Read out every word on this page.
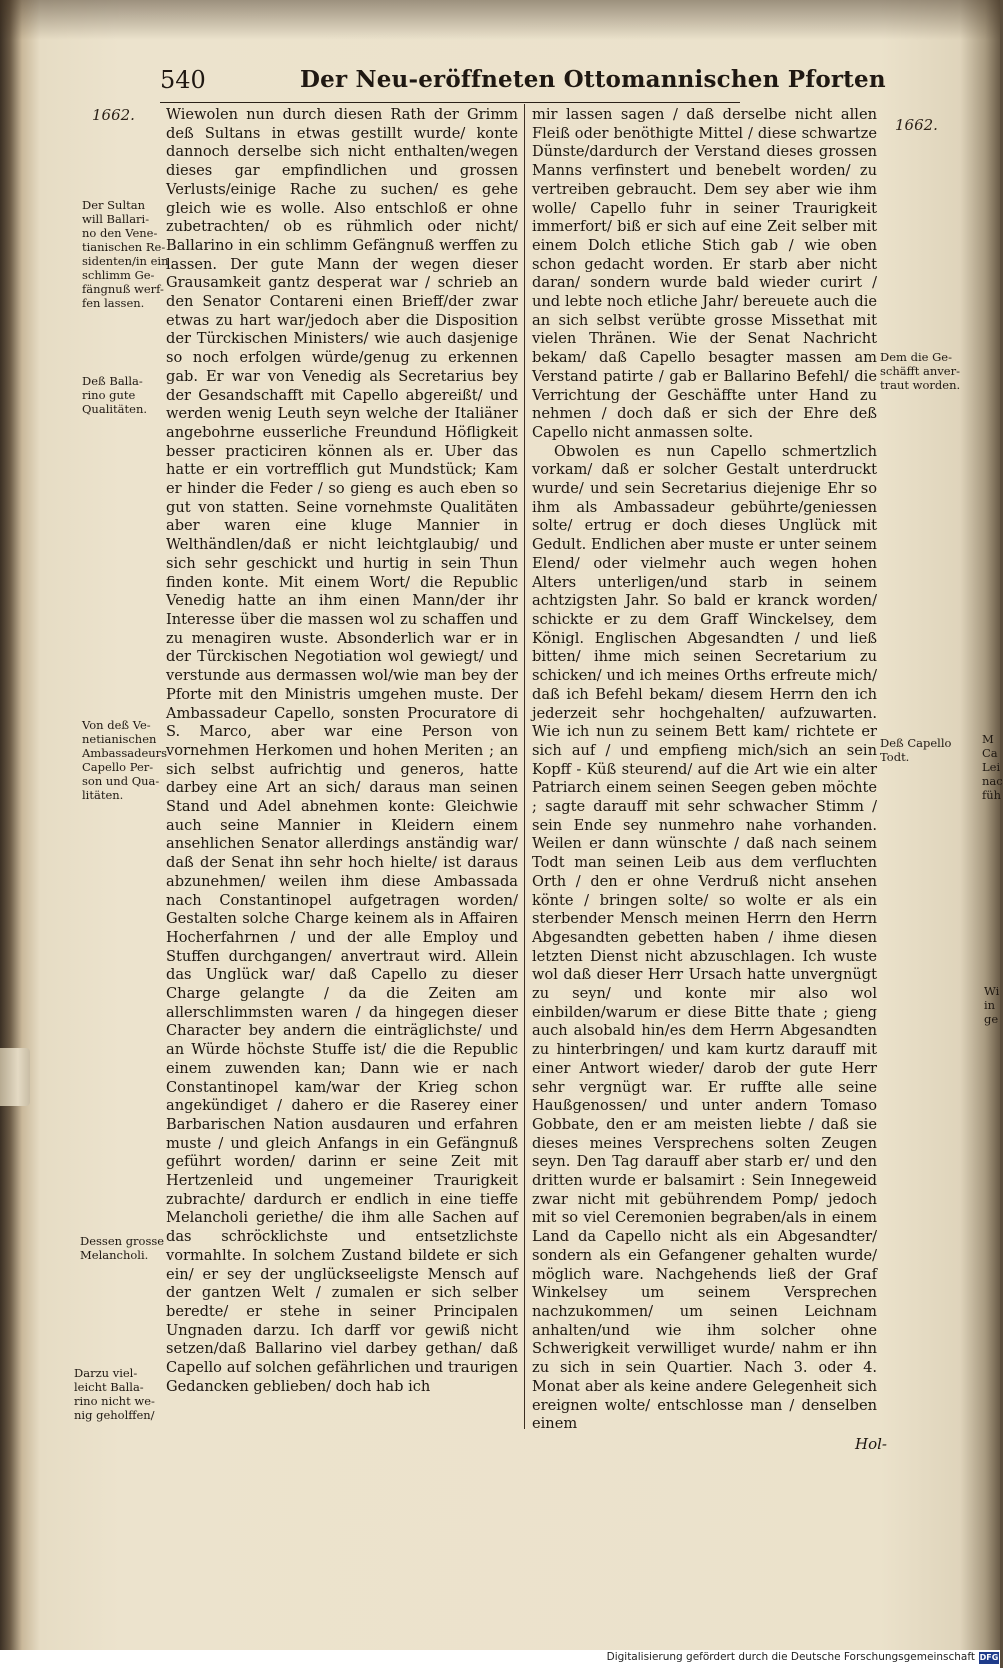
540	Der Neu-eröffneten Ottomannischen Pforten
1662.
1662.

Wiewolen nun durch diesen Rath der Grimm deß Sultans in etwas gestillt wurde/ konte dannoch derselbe sich nicht enthalten/wegen dieses gar empfindlichen und grossen Verlusts/einige Rache zu suchen/ es gehe gleich wie es wolle. Also entschloß er ohne zubetrachten/ ob es rühmlich oder nicht/ Ballarino in ein schlimm Gefängnuß werffen zu lassen. Der gute Mann der wegen dieser Grausamkeit gantz desperat war / schrieb an den Senator Contareni einen Brieff/der zwar etwas zu hart war/jedoch aber die Disposition der Türckischen Ministers/ wie auch dasjenige so noch erfolgen würde/genug zu erkennen gab. Er war von Venedig als Secretarius bey der Gesandschafft mit Capello abgereißt/ und werden wenig Leuth seyn welche der Italiäner angebohrne eusserliche Freundund Höfligkeit besser practiciren können als er. Uber das hatte er ein vortrefflich gut Mundstück; Kam er hinder die Feder / so gieng es auch eben so gut von statten. Seine vornehmste Qualitäten aber waren eine kluge Mannier in Welthändlen/daß er nicht leichtglaubig/ und sich sehr geschickt und hurtig in sein Thun finden konte. Mit einem Wort/ die Republic Venedig hatte an ihm einen Mann/der ihr Interesse über die massen wol zu schaffen und zu menagiren wuste. Absonderlich war er in der Türckischen Negotiation wol gewiegt/ und verstunde aus dermassen wol/wie man bey der Pforte mit den Ministris umgehen muste. Der Ambassadeur Capello, sonsten Procuratore di S. Marco, aber war eine Person von vornehmen Herkomen und hohen Meriten ; an sich selbst aufrichtig und generos, hatte darbey eine Art an sich/ daraus man seinen Stand und Adel abnehmen konte: Gleichwie auch seine Mannier in Kleidern einem ansehlichen Senator allerdings anständig war/ daß der Senat ihn sehr hoch hielte/ ist daraus abzunehmen/ weilen ihm diese Ambassada nach Constantinopel aufgetragen worden/ Gestalten solche Charge keinem als in Affairen Hocherfahrnen / und der alle Employ und Stuffen durchgangen/ anvertraut wird. Allein das Unglück war/ daß Capello zu dieser Charge gelangte / da die Zeiten am allerschlimmsten waren / da hingegen dieser Character bey andern die einträglichste/ und an Würde höchste Stuffe ist/ die die Republic einem zuwenden kan; Dann wie er nach Constantinopel kam/war der Krieg schon angekündiget / dahero er die Raserey einer Barbarischen Nation ausdauren und erfahren muste / und gleich Anfangs in ein Gefängnuß geführt worden/ darinn er seine Zeit mit Hertzenleid und ungemeiner Traurigkeit zubrachte/ dardurch er endlich in eine tieffe Melancholi geriethe/ die ihm alle Sachen auf das schröcklichste und entsetzlichste vormahlte. In solchem Zustand bildete er sich ein/ er sey der unglückseeligste Mensch auf der gantzen Welt / zumalen er sich selber beredte/ er stehe in seiner Principalen Ungnaden darzu. Ich darff vor gewiß nicht setzen/daß Ballarino viel darbey gethan/ daß Capello auf solchen gefährlichen und traurigen Gedancken geblieben/ doch hab ich

mir lassen sagen / daß derselbe nicht allen Fleiß oder benöthigte Mittel / diese schwartze Dünste/dardurch der Verstand dieses grossen Manns verfinstert und benebelt worden/ zu vertreiben gebraucht. Dem sey aber wie ihm wolle/ Capello fuhr in seiner Traurigkeit immerfort/ biß er sich auf eine Zeit selber mit einem Dolch etliche Stich gab / wie oben schon gedacht worden. Er starb aber nicht daran/ sondern wurde bald wieder curirt / und lebte noch etliche Jahr/ bereuete auch die an sich selbst verübte grosse Missethat mit vielen Thränen. Wie der Senat Nachricht bekam/ daß Capello besagter massen am Verstand patirte / gab er Ballarino Befehl/ die Verrichtung der Geschäffte unter Hand zu nehmen / doch daß er sich der Ehre deß Capello nicht anmassen solte.

Obwolen es nun Capello schmertzlich vorkam/ daß er solcher Gestalt unterdruckt wurde/ und sein Secretarius diejenige Ehr so ihm als Ambassadeur gebührte/geniessen solte/ ertrug er doch dieses Unglück mit Gedult. Endlichen aber muste er unter seinem Elend/ oder vielmehr auch wegen hohen Alters unterligen/und starb in seinem achtzigsten Jahr. So bald er kranck worden/ schickte er zu dem Graff Winckelsey, dem Königl. Englischen Abgesandten / und ließ bitten/ ihme mich seinen Secretarium zu schicken/ und ich meines Orths erfreute mich/ daß ich Befehl bekam/ diesem Herrn den ich jederzeit sehr hochgehalten/ aufzuwarten. Wie ich nun zu seinem Bett kam/ richtete er sich auf / und empfieng mich/sich an sein Kopff - Küß steurend/ auf die Art wie ein alter Patriarch einem seinen Seegen geben möchte ; sagte darauff mit sehr schwacher Stimm / sein Ende sey nunmehro nahe vorhanden. Weilen er dann wünschte / daß nach seinem Todt man seinen Leib aus dem verfluchten Orth / den er ohne Verdruß nicht ansehen könte / bringen solte/ so wolte er als ein sterbender Mensch meinen Herrn den Herrn Abgesandten gebetten haben / ihme diesen letzten Dienst nicht abzuschlagen. Ich wuste wol daß dieser Herr Ursach hatte unvergnügt zu seyn/ und konte mir also wol einbilden/warum er diese Bitte thate ; gieng auch alsobald hin/es dem Herrn Abgesandten zu hinterbringen/ und kam kurtz darauff mit einer Antwort wieder/ darob der gute Herr sehr vergnügt war. Er ruffte alle seine Haußgenossen/ und unter andern Tomaso Gobbate, den er am meisten liebte / daß sie dieses meines Versprechens solten Zeugen seyn. Den Tag darauff aber starb er/ und den dritten wurde er balsamirt : Sein Innegeweid zwar nicht mit gebührendem Pomp/ jedoch mit so viel Ceremonien begraben/als in einem Land da Capello nicht als ein Abgesandter/ sondern als ein Gefangener gehalten wurde/ möglich ware. Nachgehends ließ der Graf Winkelsey um seinem Versprechen nachzukommen/ um seinen Leichnam anhalten/und wie ihm solcher ohne Schwerigkeit verwilliget wurde/ nahm er ihn zu sich in sein Quartier. Nach 3. oder 4. Monat aber als keine andere Gelegenheit sich ereignen wolte/ entschlosse man / denselben einem

Hol-
Der Sultan
will Ballari-
no den Vene-
tianischen Re-
sidenten/in ein
schlimm Ge-
fängnuß werf-
fen lassen.
Deß Balla-
rino gute
Qualitäten.
Von deß Ve-
netianischen
Ambassadeurs
Capello Per-
son und Qua-
litäten.
Dessen grosse
Melancholi.
Darzu viel-
leicht Balla-
rino nicht we-
nig geholffen/
Dem die Ge-
schäfft anver-
traut worden.
Deß Capello
Todt.
M
Ca
Lei
nac
füh
Wi
in
ge
Digitalisierung gefördert durch die Deutsche Forschungsgemeinschaft DFG
